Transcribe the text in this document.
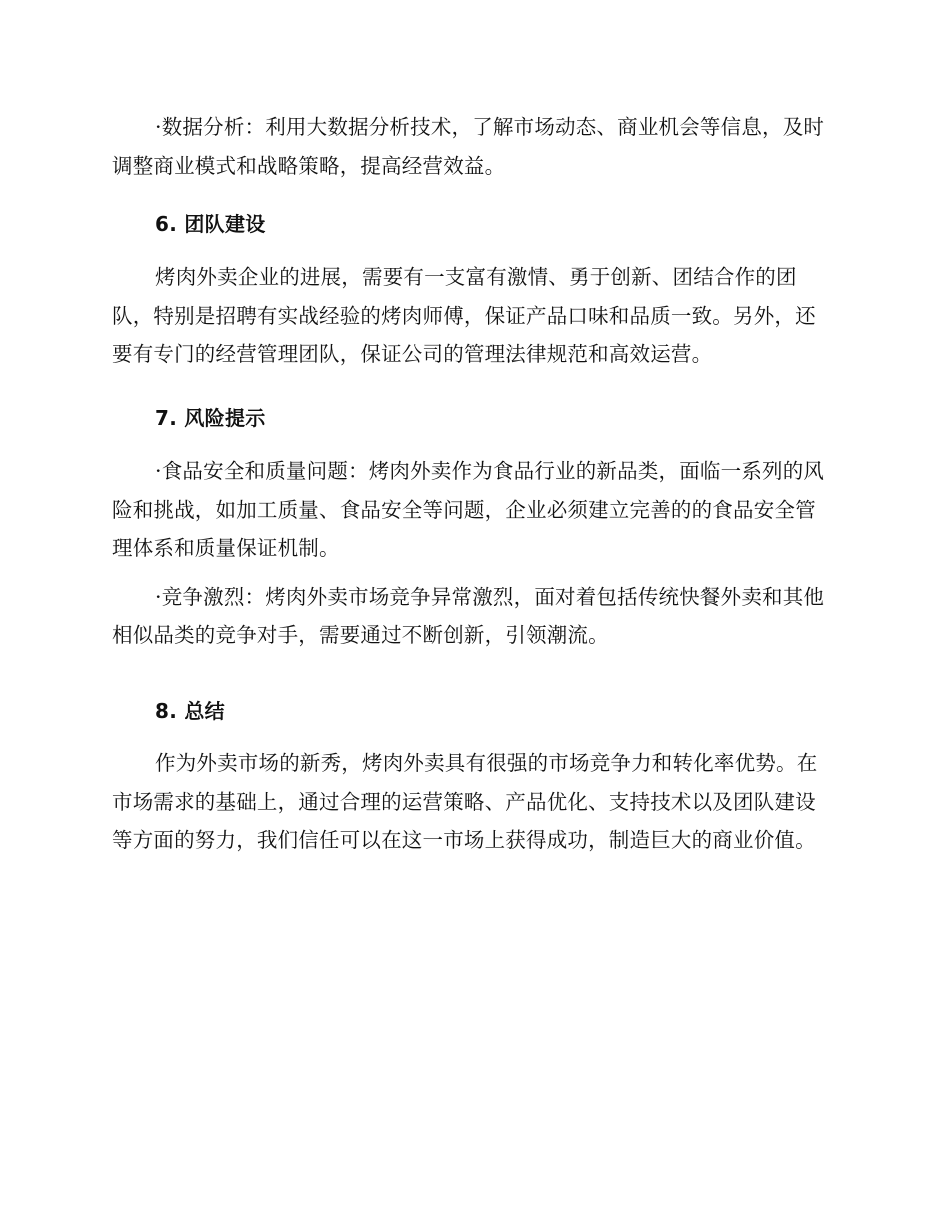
·数据分析：利用大数据分析技术，了解市场动态、商业机会等信息，及时调整商业模式和战略策略，提高经营效益。

6. 团队建设

烤肉外卖企业的进展，需要有一支富有激情、勇于创新、团结合作的团队，特别是招聘有实战经验的烤肉师傅，保证产品口味和品质一致。另外，还要有专门的经营管理团队，保证公司的管理法律规范和高效运营。

7. 风险提示

·食品安全和质量问题：烤肉外卖作为食品行业的新品类，面临一系列的风险和挑战，如加工质量、食品安全等问题，企业必须建立完善的的食品安全管理体系和质量保证机制。

·竞争激烈：烤肉外卖市场竞争异常激烈，面对着包括传统快餐外卖和其他相似品类的竞争对手，需要通过不断创新，引领潮流。

8. 总结

作为外卖市场的新秀，烤肉外卖具有很强的市场竞争力和转化率优势。在市场需求的基础上，通过合理的运营策略、产品优化、支持技术以及团队建设等方面的努力，我们信任可以在这一市场上获得成功，制造巨大的商业价值。
